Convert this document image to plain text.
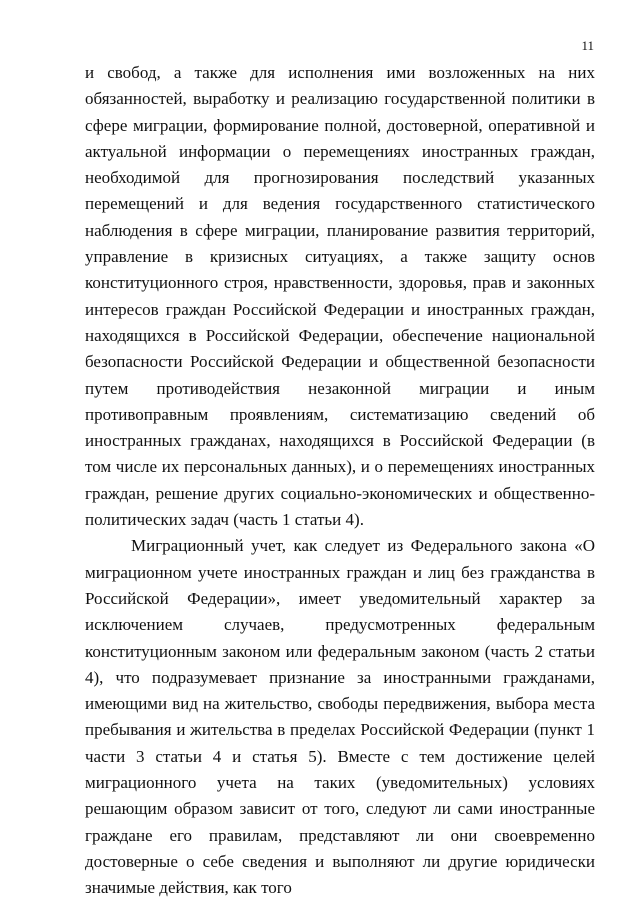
11

и свобод, а также для исполнения ими возложенных на них обязанностей, выработку и реализацию государственной политики в сфере миграции, формирование полной, достоверной, оперативной и актуальной информации о перемещениях иностранных граждан, необходимой для прогнозирования последствий указанных перемещений и для ведения государственного статистического наблюдения в сфере миграции, планирование развития территорий, управление в кризисных ситуациях, а также защиту основ конституционного строя, нравственности, здоровья, прав и законных интересов граждан Российской Федерации и иностранных граждан, находящихся в Российской Федерации, обеспечение национальной безопасности Российской Федерации и общественной безопасности путем противодействия незаконной миграции и иным противоправным проявлениям, систематизацию сведений об иностранных гражданах, находящихся в Российской Федерации (в том числе их персональных данных), и о перемещениях иностранных граждан, решение других социально-экономических и общественно-политических задач (часть 1 статьи 4).

Миграционный учет, как следует из Федерального закона «О миграционном учете иностранных граждан и лиц без гражданства в Российской Федерации», имеет уведомительный характер за исключением случаев, предусмотренных федеральным конституционным законом или федеральным законом (часть 2 статьи 4), что подразумевает признание за иностранными гражданами, имеющими вид на жительство, свободы передвижения, выбора места пребывания и жительства в пределах Российской Федерации (пункт 1 части 3 статьи 4 и статья 5). Вместе с тем достижение целей миграционного учета на таких (уведомительных) условиях решающим образом зависит от того, следуют ли сами иностранные граждане его правилам, представляют ли они своевременно достоверные о себе сведения и выполняют ли другие юридически значимые действия, как того
